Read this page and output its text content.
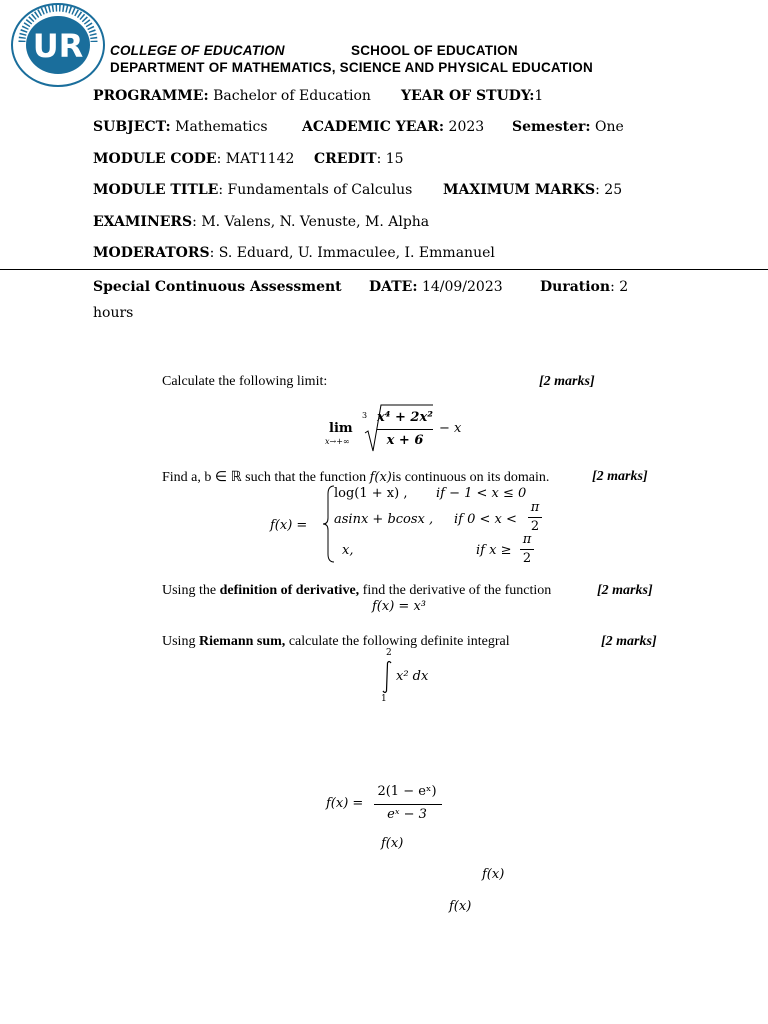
UR COLLEGE OF EDUCATION	SCHOOL OF EDUCATION
DEPARTMENT OF MATHEMATICS, SCIENCE AND PHYSICAL EDUCATION
PROGRAMME: Bachelor of Education YEAR OF STUDY:1
SUBJECT: Mathematics ACADEMIC YEAR: 2023 Semester: One
MODULE CODE: MAT1142 CREDIT: 15
MODULE TITLE: Fundamentals of Calculus MAXIMUM MARKS: 25
EXAMINERS: M. Valens, N. Venuste, M. Alpha
MODERATORS: S. Eduard, U. Immaculee, I. Emmanuel
Special Continuous Assessment DATE: 14/09/2023	Duration: 2
hours
Calculate the following limit:	[2 marks]
lim
x→+∞
3 x⁴ + 2x²
x + 6
− x
Find a, b ∈ ℝ such that the function f(x)is continuous on its domain.	[2 marks]
f(x) =
log(1 + x) , if − 1 < x ≤ 0
asinx + bcosx , if 0 < x <
π
2
x,	if x ≥
π
2
Using the definition of derivative, find the derivative of the function	[2 marks]
f(x) = x³
Using Riemann sum, calculate the following definite integral	[2 marks]
2
1
x² dx
f(x) =
2(1 − eˣ)
eˣ − 3
f(x)
f(x)
f(x)
